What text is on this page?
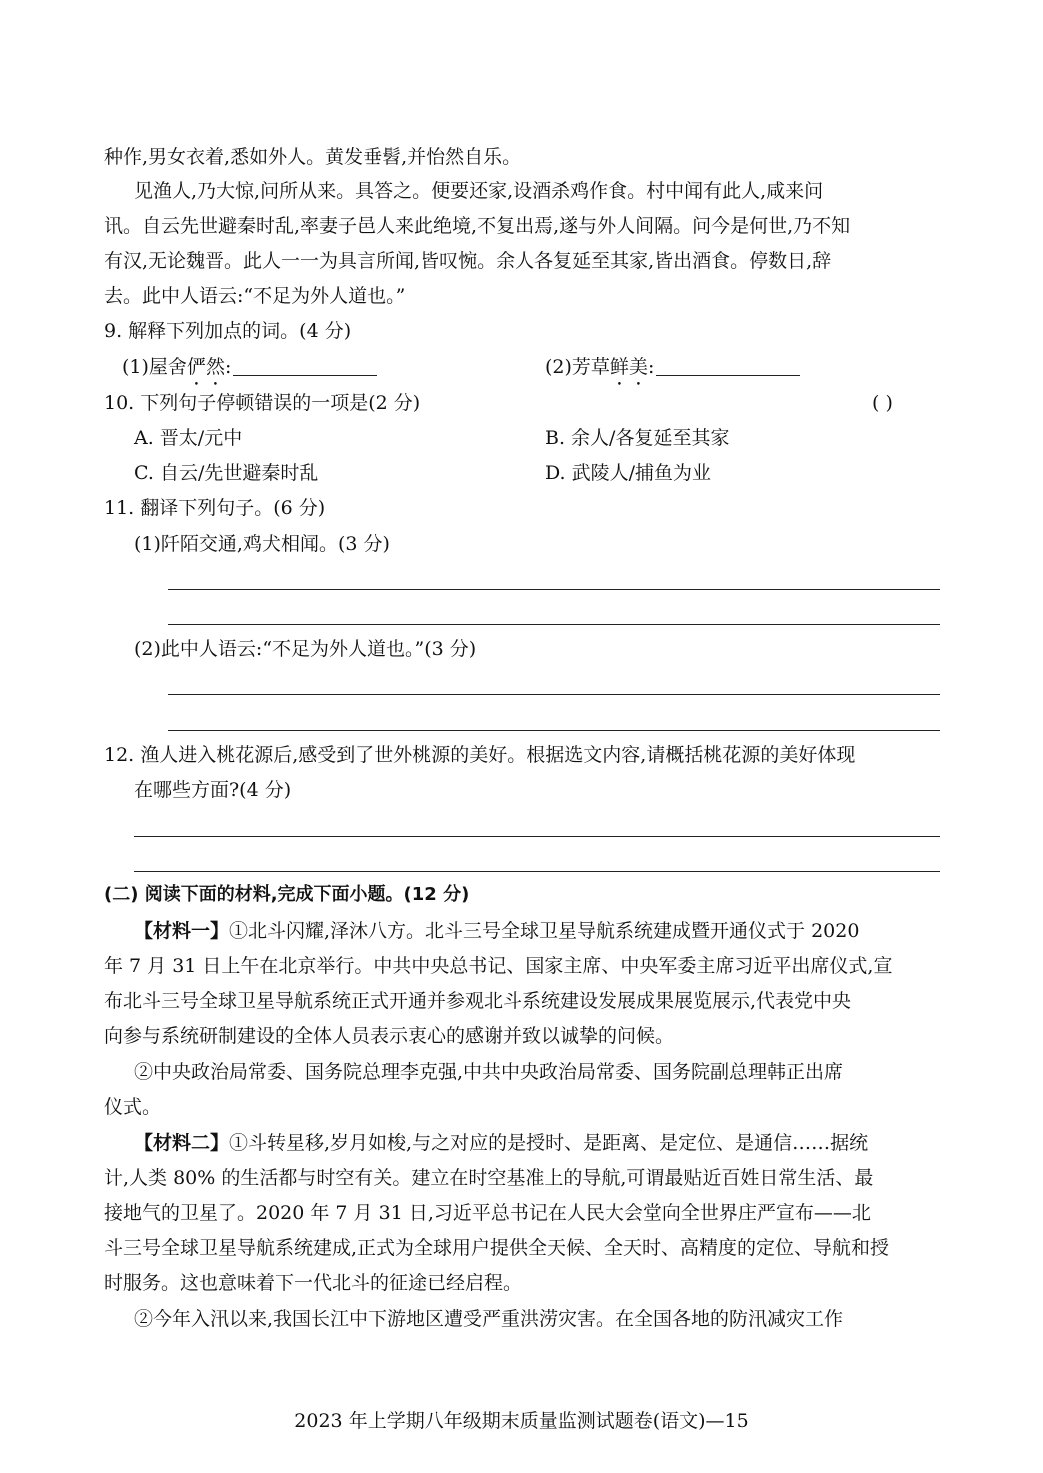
种作,男女衣着,悉如外人。黄发垂髫,并怡然自乐。
见渔人,乃大惊,问所从来。具答之。便要还家,设酒杀鸡作食。村中闻有此人,咸来问
讯。自云先世避秦时乱,率妻子邑人来此绝境,不复出焉,遂与外人间隔。问今是何世,乃不知
有汉,无论魏晋。此人一一为具言所闻,皆叹惋。余人各复延至其家,皆出酒食。停数日,辞
去。此中人语云:“不足为外人道也。”
9. 解释下列加点的词。(4 分)
(1)屋舍俨然:	(2)芳草鲜美:
10. 下列句子停顿错误的一项是(2 分)	( )
A. 晋太/元中	B. 余人/各复延至其家
C. 自云/先世避秦时乱	D. 武陵人/捕鱼为业
11. 翻译下列句子。(6 分)
(1)阡陌交通,鸡犬相闻。(3 分)
(2)此中人语云:“不足为外人道也。”(3 分)
12. 渔人进入桃花源后,感受到了世外桃源的美好。根据选文内容,请概括桃花源的美好体现
在哪些方面?(4 分)
(二) 阅读下面的材料,完成下面小题。(12 分)
【材料一】①北斗闪耀,泽沐八方。北斗三号全球卫星导航系统建成暨开通仪式于 2020
年 7 月 31 日上午在北京举行。中共中央总书记、国家主席、中央军委主席习近平出席仪式,宣
布北斗三号全球卫星导航系统正式开通并参观北斗系统建设发展成果展览展示,代表党中央
向参与系统研制建设的全体人员表示衷心的感谢并致以诚挚的问候。
②中央政治局常委、国务院总理李克强,中共中央政治局常委、国务院副总理韩正出席
仪式。
【材料二】①斗转星移,岁月如梭,与之对应的是授时、是距离、是定位、是通信……据统
计,人类 80% 的生活都与时空有关。建立在时空基准上的导航,可谓最贴近百姓日常生活、最
接地气的卫星了。2020 年 7 月 31 日,习近平总书记在人民大会堂向全世界庄严宣布——北
斗三号全球卫星导航系统建成,正式为全球用户提供全天候、全天时、高精度的定位、导航和授
时服务。这也意味着下一代北斗的征途已经启程。
②今年入汛以来,我国长江中下游地区遭受严重洪涝灾害。在全国各地的防汛减灾工作
2023 年上学期八年级期末质量监测试题卷(语文)—15
